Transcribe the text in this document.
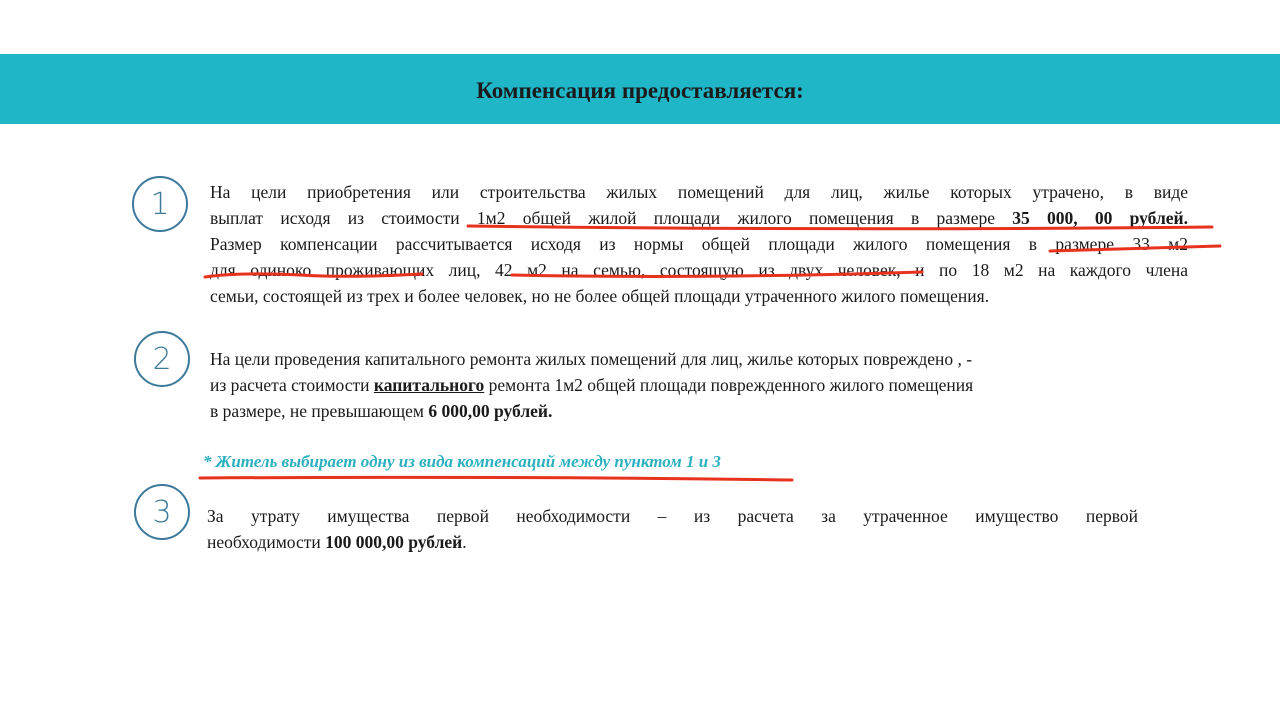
Компенсация предоставляется:
1 На цели приобретения или строительства жилых помещений для лиц, жилье которых утрачено, в виде
выплат исходя из стоимости 1м2 общей жилой площади жилого помещения в размере 35 000, 00 рублей.
Размер компенсации рассчитывается исходя из нормы общей площади жилого помещения в размере 33 м2
для одиноко проживающих лиц, 42 м2 на семью, состоящую из двух человек, и по 18 м2 на каждого члена
семьи, состоящей из трех и более человек, но не более общей площади утраченного жилого помещения.
2 На цели проведения капитального ремонта жилых помещений для лиц, жилье которых повреждено , -
из расчета стоимости капитального ремонта 1м2 общей площади поврежденного жилого помещения
в размере, не превышающем 6 000,00 рублей.
* Житель выбирает одну из вида компенсаций между пунктом 1 и 3
3 За утрату имущества первой необходимости – из расчета за утраченное имущество первой
необходимости 100 000,00 рублей.
